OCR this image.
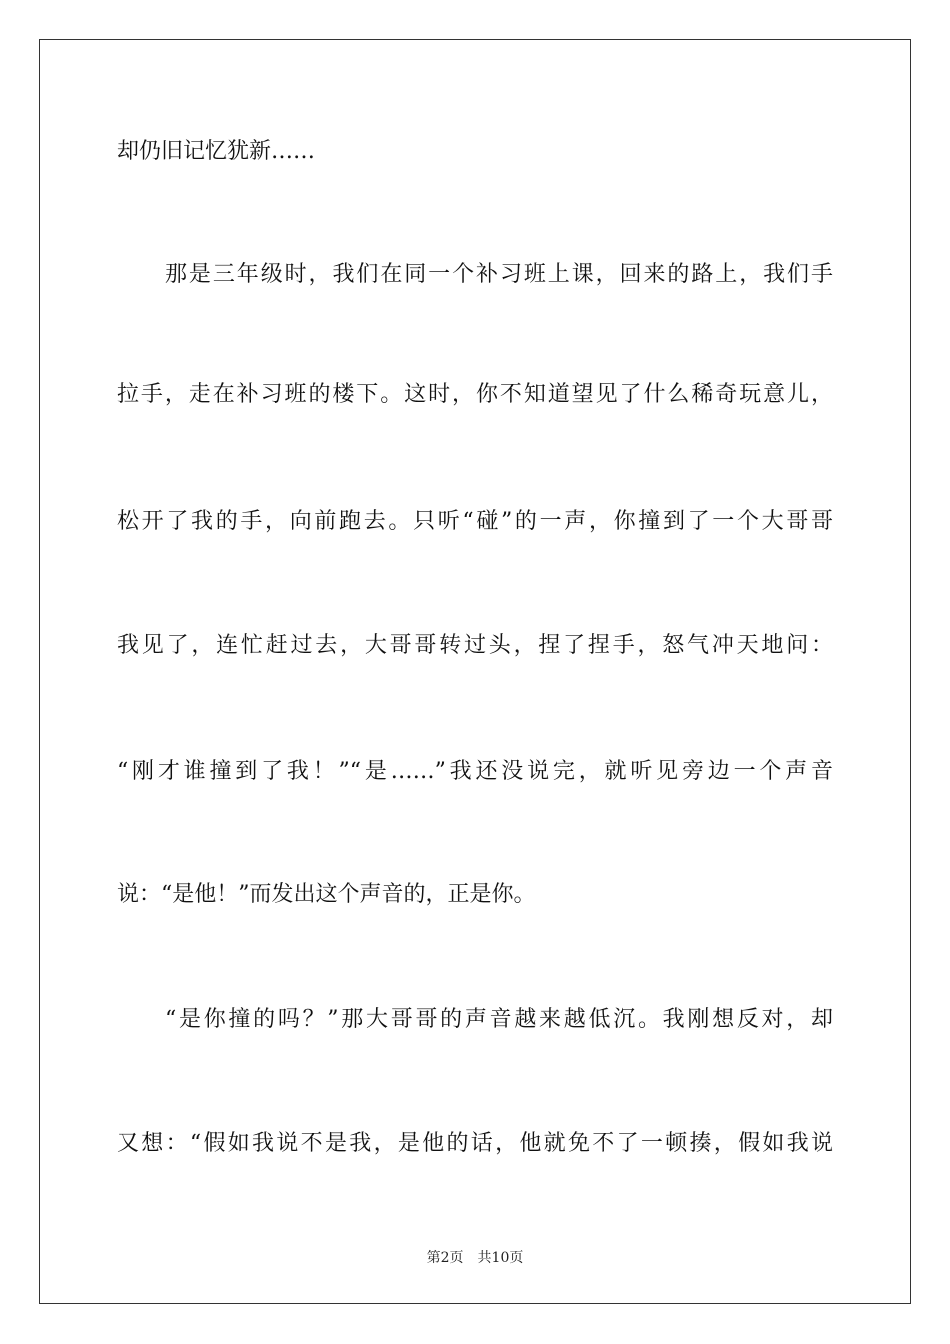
却仍旧记忆犹新……
那是三年级时，我们在同一个补习班上课，回来的路上，我们手
拉手，走在补习班的楼下。这时，你不知道望见了什么稀奇玩意儿，
松开了我的手，向前跑去。只听“碰”的一声，你撞到了一个大哥哥
我见了，连忙赶过去，大哥哥转过头，捏了捏手，怒气冲天地问：
“刚才谁撞到了我！”“是……”我还没说完，就听见旁边一个声音
说：“是他！”而发出这个声音的，正是你。
“是你撞的吗？”那大哥哥的声音越来越低沉。我刚想反对，却
又想：“假如我说不是我，是他的话，他就免不了一顿揍，假如我说
第2页 共10页
